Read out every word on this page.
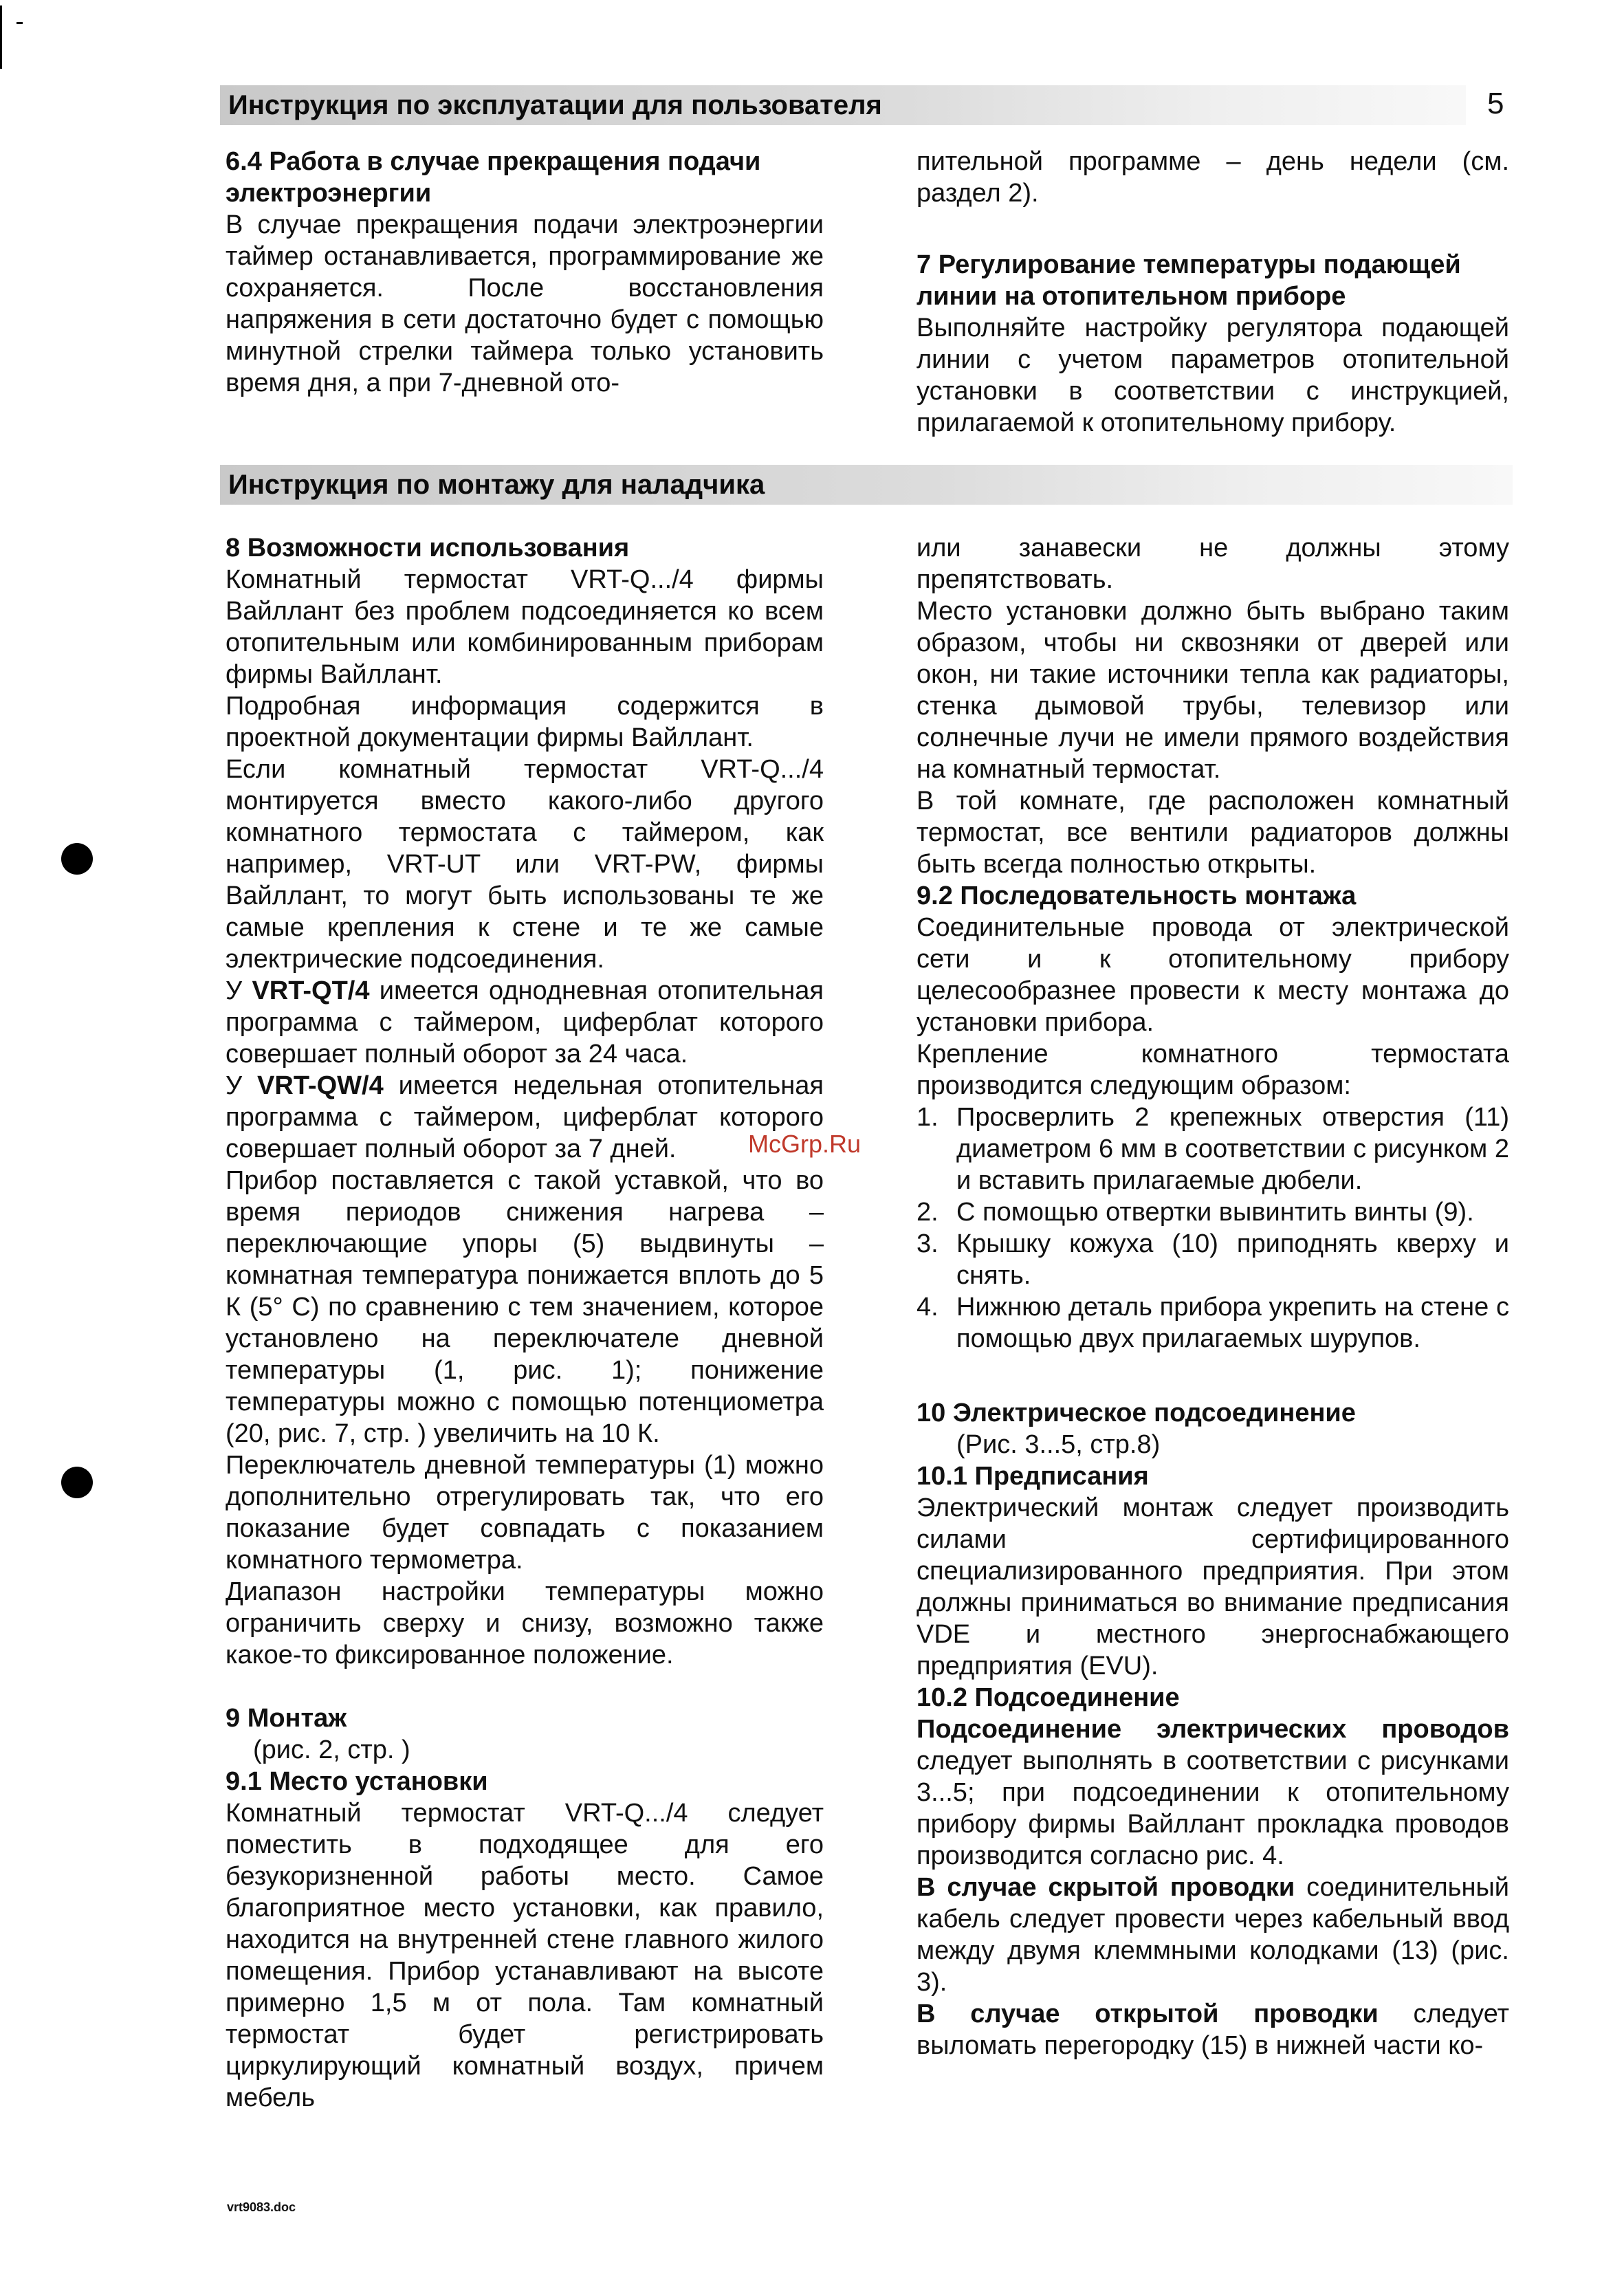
Инструкция по эксплуатации для пользователя	5

6.4 Работа в случае прекращения подачи электроэнергии

В случае прекращения подачи электроэнергии таймер останавливается, программирование же сохраняется. После восстановления напряжения в сети достаточно будет с помощью минутной стрелки таймера только установить время дня, а при 7-дневной ото-

пительной программе – день недели (см. раздел 2).

7 Регулирование температуры подающей линии на отопительном приборе

Выполняйте настройку регулятора подающей линии с учетом параметров отопительной установки в соответствии с инструкцией, прилагаемой к отопительному прибору.

Инструкция по монтажу для наладчика

8 Возможности использования

Комнатный термостат VRT-Q.../4 фирмы Вайллант без проблем подсоединяется ко всем отопительным или комбинированным приборам фирмы Вайллант.

Подробная информация содержится в проектной документации фирмы Вайллант.

Если комнатный термостат VRT-Q.../4 монтируется вместо какого-либо другого комнатного термостата с таймером, как например, VRT-UT или VRT-PW, фирмы Вайллант, то могут быть использованы те же самые крепления к стене и те же самые электрические подсоединения.

У VRT-QT/4 имеется однодневная отопительная программа с таймером, циферблат которого совершает полный оборот за 24 часа.

У VRT-QW/4 имеется недельная отопительная программа с таймером, циферблат которого совершает полный оборот за 7 дней.

Прибор поставляется с такой уставкой, что во время периодов снижения нагрева – переключающие упоры (5) выдвинуты – комнатная температура понижается вплоть до 5 К (5° С) по сравнению с тем значением, которое установлено на переключателе дневной температуры (1, рис. 1); понижение температуры можно с помощью потенциометра (20, рис. 7, стр. ) увеличить на 10 К.

Переключатель дневной температуры (1) можно дополнительно отрегулировать так, что его показание будет совпадать с показанием комнатного термометра.

Диапазон настройки температуры можно ограничить сверху и снизу, возможно также какое-то фиксированное положение.

9 Монтаж

(рис. 2, стр. )

9.1 Место установки

Комнатный термостат VRT-Q.../4 следует поместить в подходящее для его безукоризненной работы место. Самое благоприятное место установки, как правило, находится на внутренней стене главного жилого помещения. Прибор устанавливают на высоте примерно 1,5 м от пола. Там комнатный термостат будет регистрировать циркулирующий комнатный воздух, причем мебель

или занавески не должны этому препятствовать.

Место установки должно быть выбрано таким образом, чтобы ни сквозняки от дверей или окон, ни такие источники тепла как радиаторы, стенка дымовой трубы, телевизор или солнечные лучи не имели прямого воздействия на комнатный термостат.

В той комнате, где расположен комнатный термостат, все вентили радиаторов должны быть всегда полностью открыты.

9.2 Последовательность монтажа

Соединительные провода от электрической сети и к отопительному прибору целесообразнее провести к месту монтажа до установки прибора.

Крепление комнатного термостата производится следующим образом:

1. Просверлить 2 крепежных отверстия (11) диаметром 6 мм в соответствии с рисунком 2 и вставить прилагаемые дюбели.
2. С помощью отвертки вывинтить винты (9).
3. Крышку кожуха (10) приподнять кверху и снять.
4. Нижнюю деталь прибора укрепить на стене с помощью двух прилагаемых шурупов.

10 Электрическое подсоединение

(Рис. 3...5, стр.8)

10.1 Предписания

Электрический монтаж следует производить силами сертифицированного специализированного предприятия. При этом должны приниматься во внимание предписания VDE и местного энергоснабжающего предприятия (EVU).

10.2 Подсоединение

Подсоединение электрических проводов следует выполнять в соответствии с рисунками 3...5; при подсоединении к отопительному прибору фирмы Вайллант прокладка проводов производится согласно рис. 4.

В случае скрытой проводки соединительный кабель следует провести через кабельный ввод между двумя клеммными колодками (13) (рис. 3).

В случае открытой проводки следует выломать перегородку (15) в нижней части ко-

McGrp.Ru
vrt9083.doc
